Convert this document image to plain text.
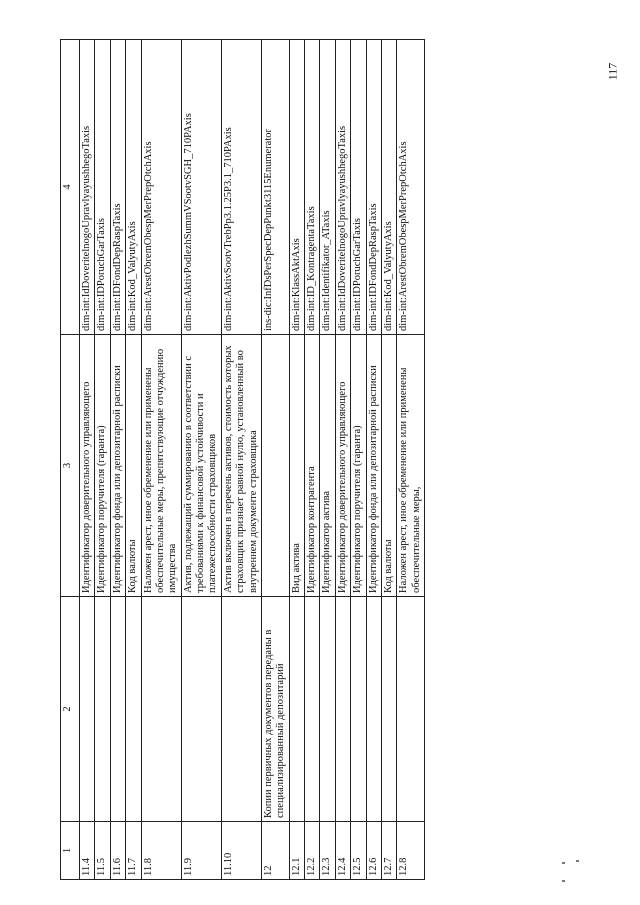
1	2	3	4
11.4		Идентификатор доверительного управляющего	dim-int:IdDoveritelnogoUpravlyayushhegoTaxis
11.5		Идентификатор поручителя (гаранта)	dim-int:IDPoruchGarTaxis
11.6		Идентификатор фонда или депозитарной расписки	dim-int:IDFondDepRaspTaxis
11.7		Код валюты	dim-int:Kod_ValyutyAxis
11.8		Наложен арест, иное обременение или применены обеспечительные меры, препятствующие отчуждению имущества	dim-int:ArestObremObespMerPrepOtchAxis
11.9		Актив, подлежащий суммированию в соответствии с требованиями к финансовой устойчивости и платежеспособности страховщиков	dim-int:AktivPodlezhSummVSootvSGH_710PAxis
11.10		Актив включен в перечень активов, стоимость которых страховщик признает равной нулю, установленный во внутреннем документе страховщика	dim-int:AktivSootvTrebPp3.1.25P3.1_710PAxis
12	Копии первичных документов переданы в специализированный депозитарий		ins-dic:InfDsPerSpecDepPunkt3115Enumerator
12.1		Вид актива	dim-int:KlassAktAxis
12.2		Идентификатор контрагента	dim-int:ID_KontragentaTaxis
12.3		Идентификатор актива	dim-int:Identifikator_ATaxis
12.4		Идентификатор доверительного управляющего	dim-int:IdDoveritelnogoUpravlyayushhegoTaxis
12.5		Идентификатор поручителя (гаранта)	dim-int:IDPoruchGarTaxis
12.6		Идентификатор фонда или депозитарной расписки	dim-int:IDFondDepRaspTaxis
12.7		Код валюты	dim-int:Kod_ValyutyAxis
12.8		Наложен арест, иное обременение или применены обеспечительные меры,	dim-int:ArestObremObespMerPrepOtchAxis
117
